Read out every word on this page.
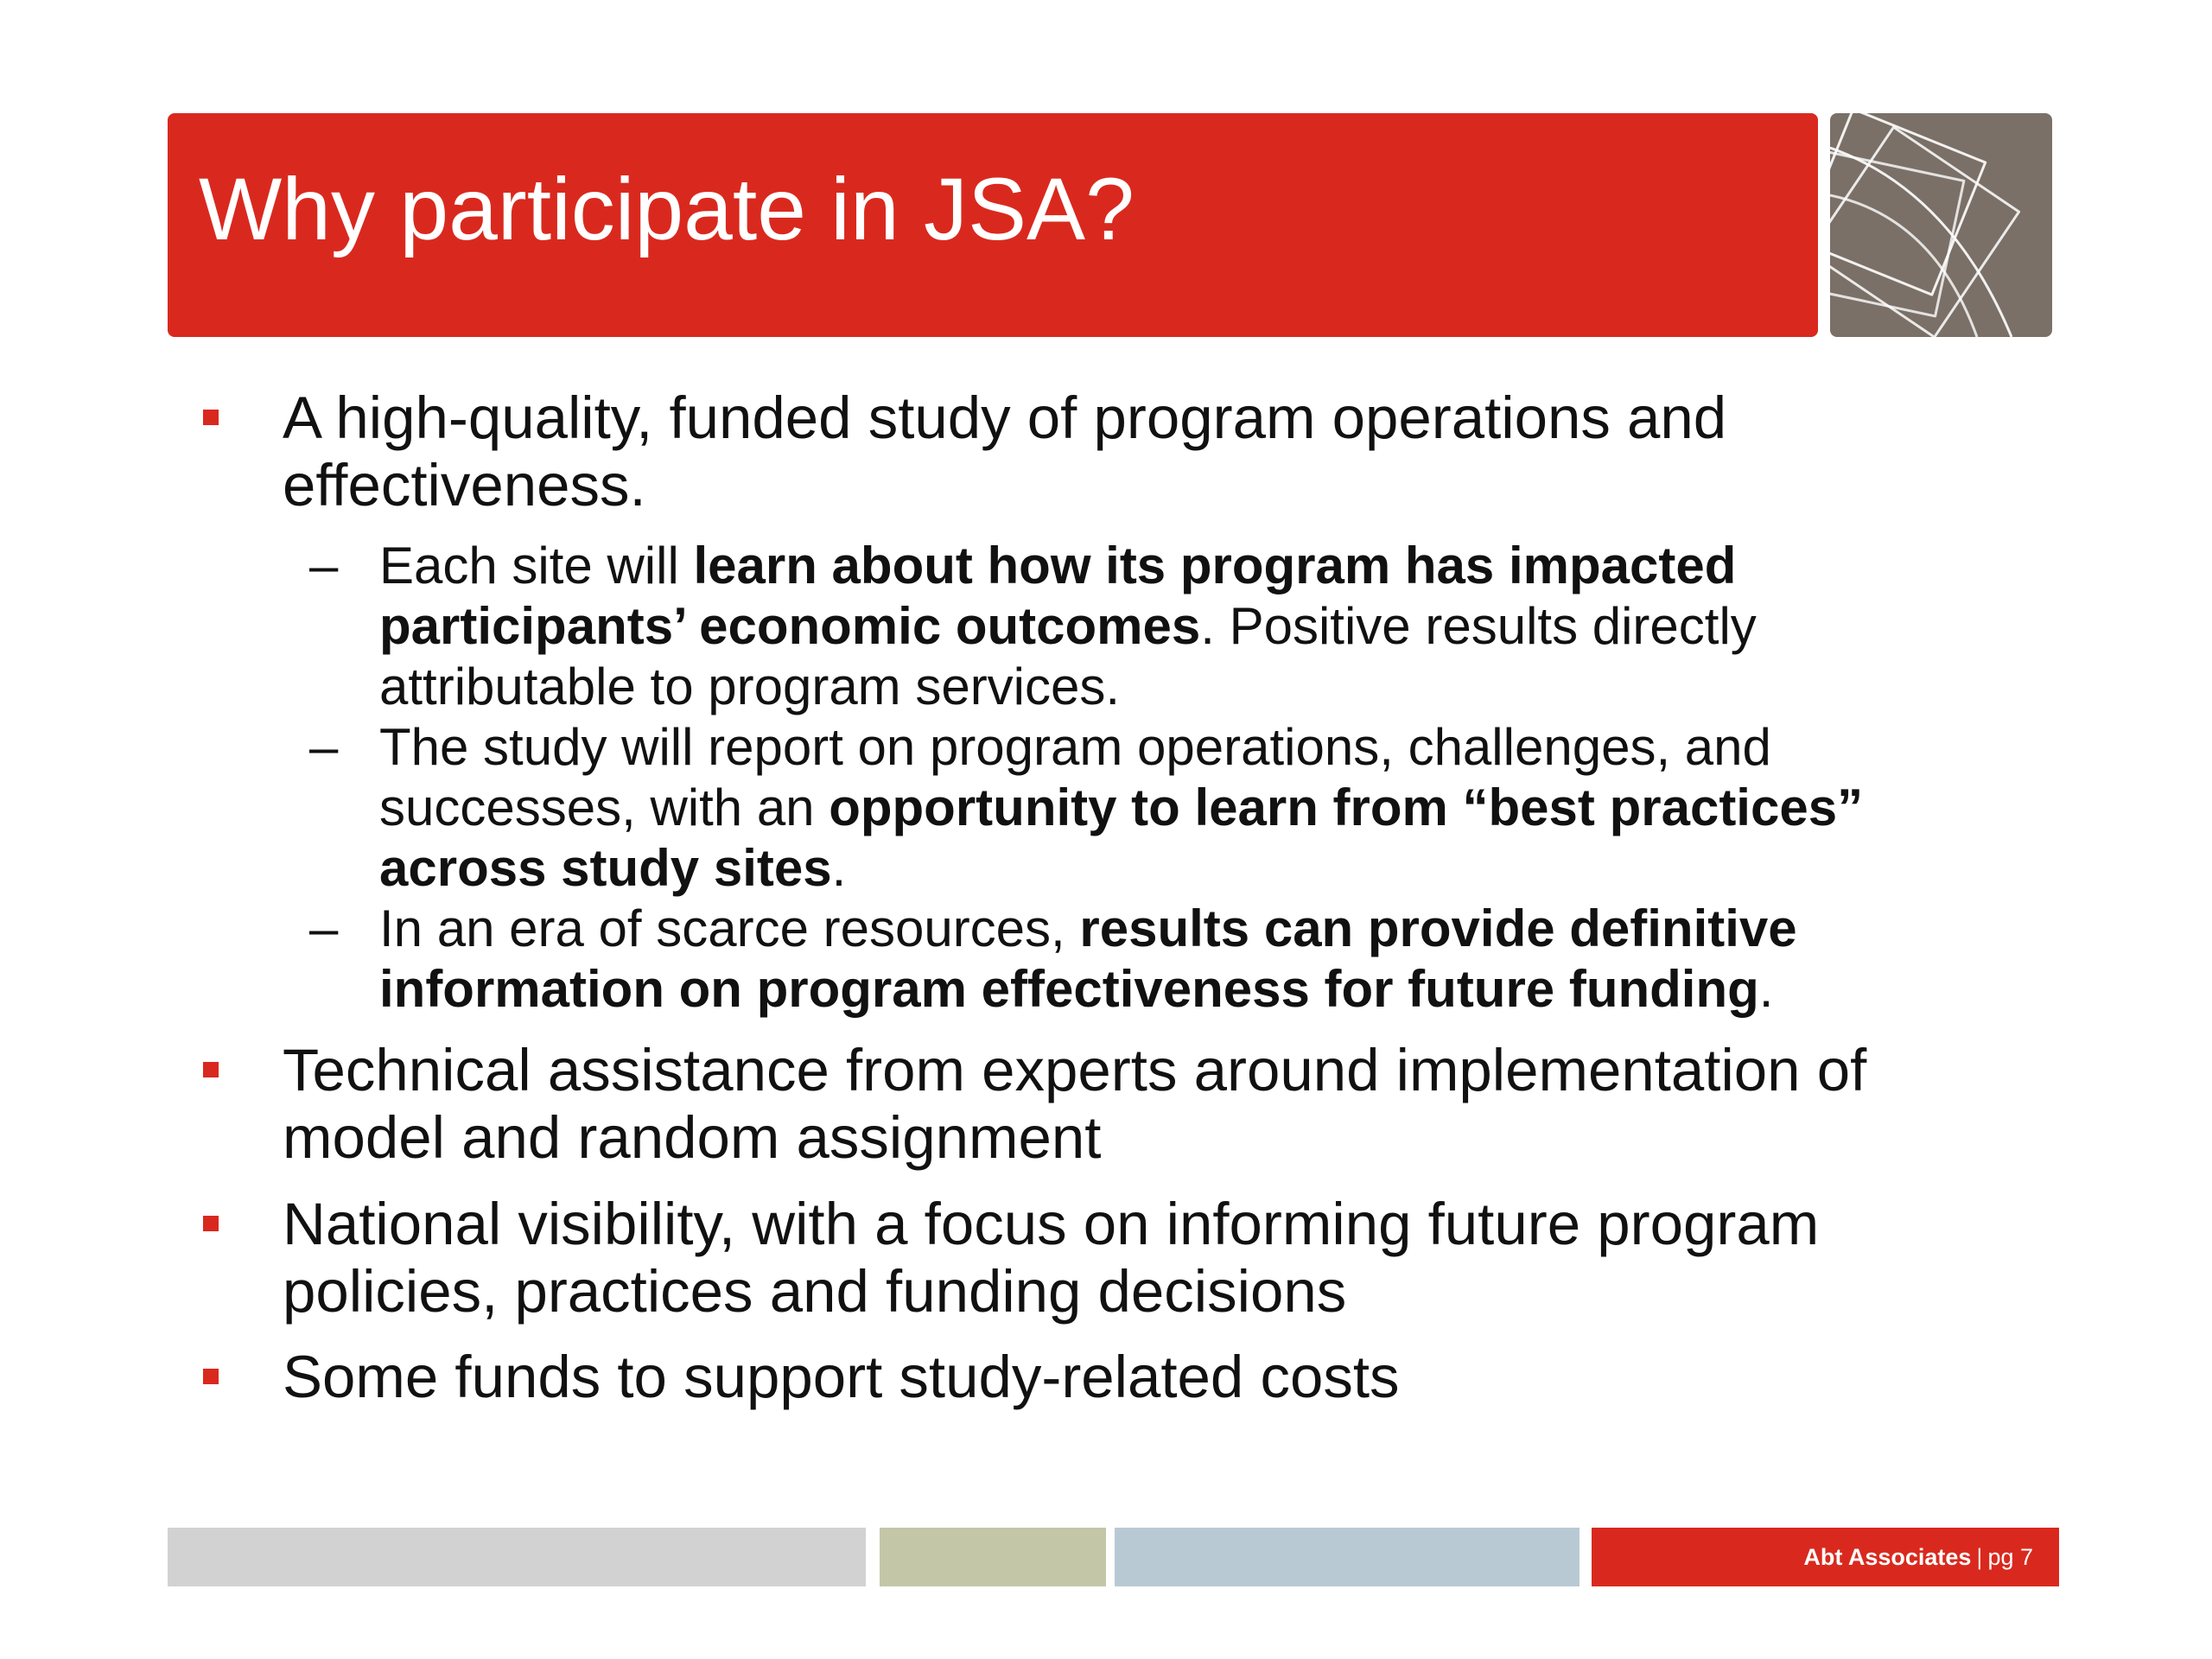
Why participate in JSA?
A high-quality, funded study of program operations and effectiveness.
– Each site will learn about how its program has impacted participants’ economic outcomes. Positive results directly attributable to program services.
– The study will report on program operations, challenges, and successes, with an opportunity to learn from “best practices” across study sites.
– In an era of scarce resources, results can provide definitive information on program effectiveness for future funding.
Technical assistance from experts around implementation of model and random assignment
National visibility, with a focus on informing future program policies, practices and funding decisions
Some funds to support study-related costs
Abt Associates | pg 7
